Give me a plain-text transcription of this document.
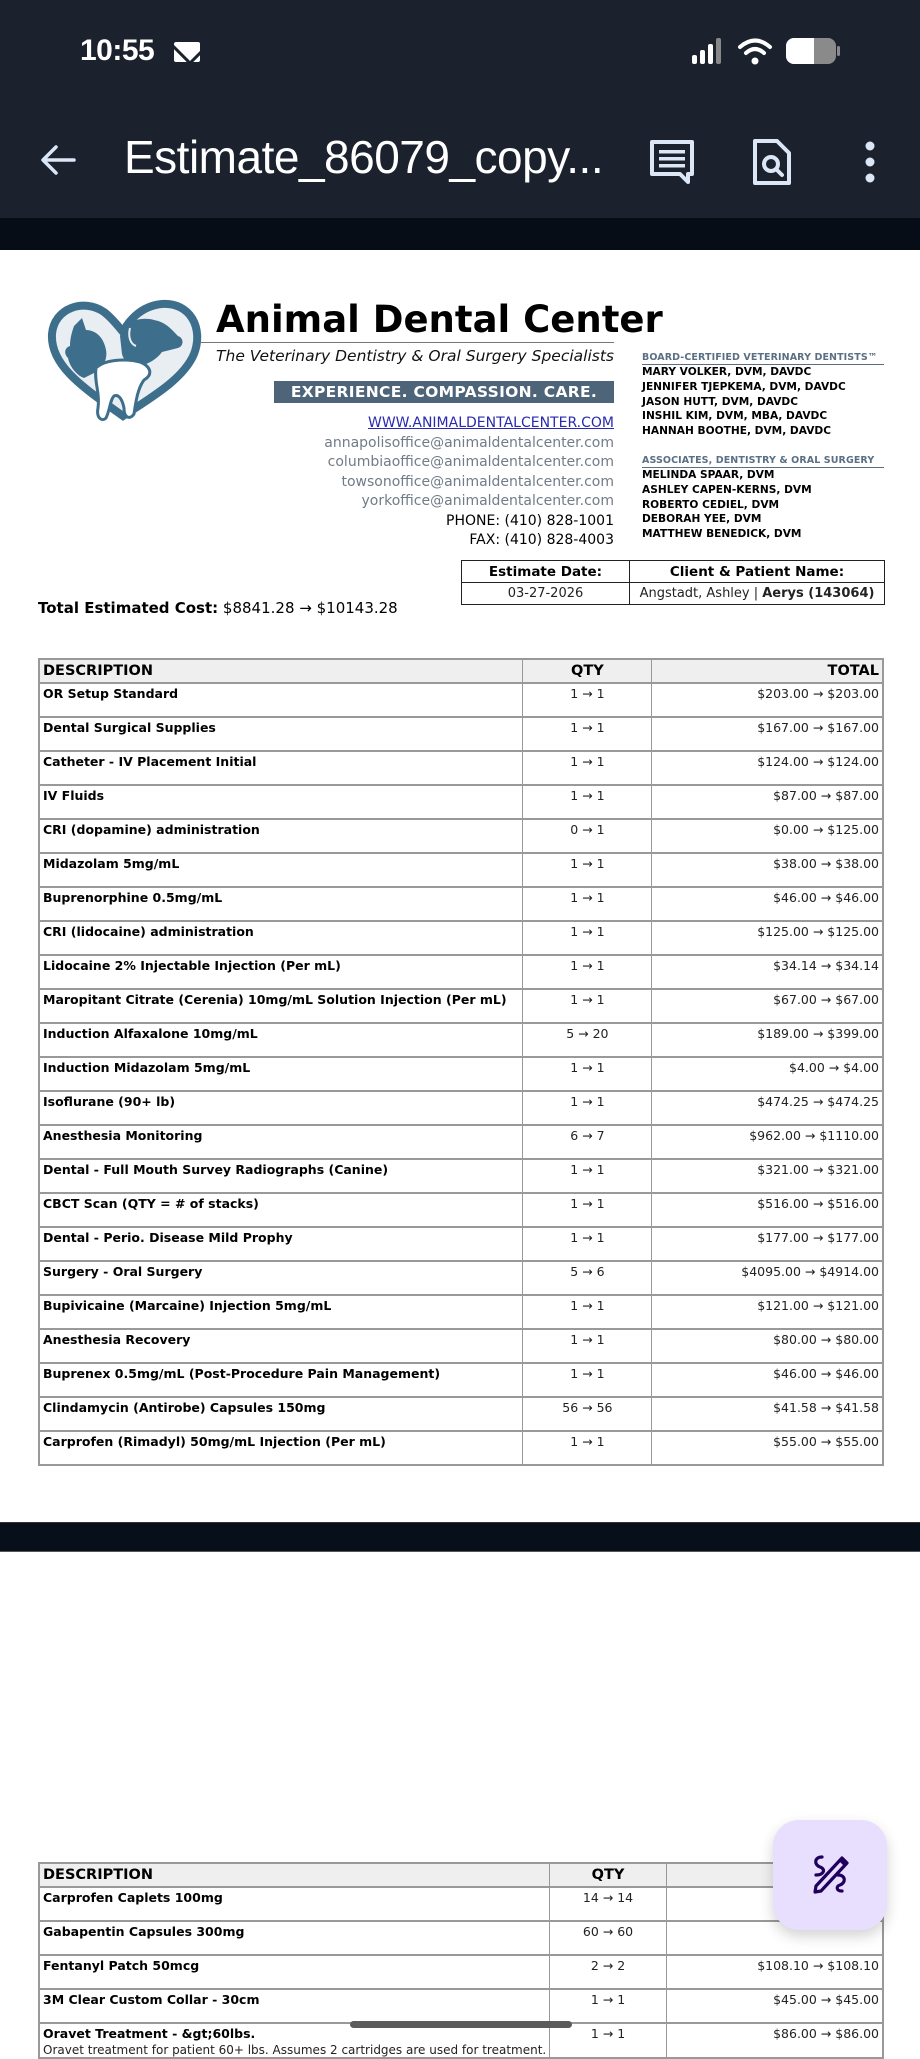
10:55
Estimate_86079_copy...
Animal Dental Center
The Veterinary Dentistry & Oral Surgery Specialists
EXPERIENCE. COMPASSION. CARE.
WWW.ANIMALDENTALCENTER.COM
annapolisoffice@animaldentalcenter.com
columbiaoffice@animaldentalcenter.com
towsonoffice@animaldentalcenter.com
yorkoffice@animaldentalcenter.com
PHONE: (410) 828-1001
FAX: (410) 828-4003
BOARD-CERTIFIED VETERINARY DENTISTS™
MARY VOLKER, DVM, DAVDC
JENNIFER TJEPKEMA, DVM, DAVDC
JASON HUTT, DVM, DAVDC
INSHIL KIM, DVM, MBA, DAVDC
HANNAH BOOTHE, DVM, DAVDC
ASSOCIATES, DENTISTRY & ORAL SURGERY
MELINDA SPAAR, DVM
ASHLEY CAPEN-KERNS, DVM
ROBERTO CEDIEL, DVM
DEBORAH YEE, DVM
MATTHEW BENEDICK, DVM
Estimate Date:	Client & Patient Name:
03-27-2026	Angstadt, Ashley | Aerys (143064)
Total Estimated Cost: $8841.28 → $10143.28
DESCRIPTION	QTY	TOTAL
OR Setup Standard	1 → 1	$203.00 → $203.00
Dental Surgical Supplies	1 → 1	$167.00 → $167.00
Catheter - IV Placement Initial	1 → 1	$124.00 → $124.00
IV Fluids	1 → 1	$87.00 → $87.00
CRI (dopamine) administration	0 → 1	$0.00 → $125.00
Midazolam 5mg/mL	1 → 1	$38.00 → $38.00
Buprenorphine 0.5mg/mL	1 → 1	$46.00 → $46.00
CRI (lidocaine) administration	1 → 1	$125.00 → $125.00
Lidocaine 2% Injectable Injection (Per mL)	1 → 1	$34.14 → $34.14
Maropitant Citrate (Cerenia) 10mg/mL Solution Injection (Per mL)	1 → 1	$67.00 → $67.00
Induction Alfaxalone 10mg/mL	5 → 20	$189.00 → $399.00
Induction Midazolam 5mg/mL	1 → 1	$4.00 → $4.00
Isoflurane (90+ lb)	1 → 1	$474.25 → $474.25
Anesthesia Monitoring	6 → 7	$962.00 → $1110.00
Dental - Full Mouth Survey Radiographs (Canine)	1 → 1	$321.00 → $321.00
CBCT Scan (QTY = # of stacks)	1 → 1	$516.00 → $516.00
Dental - Perio. Disease Mild Prophy	1 → 1	$177.00 → $177.00
Surgery - Oral Surgery	5 → 6	$4095.00 → $4914.00
Bupivicaine (Marcaine) Injection 5mg/mL	1 → 1	$121.00 → $121.00
Anesthesia Recovery	1 → 1	$80.00 → $80.00
Buprenex 0.5mg/mL (Post-Procedure Pain Management)	1 → 1	$46.00 → $46.00
Clindamycin (Antirobe) Capsules 150mg	56 → 56	$41.58 → $41.58
Carprofen (Rimadyl) 50mg/mL Injection (Per mL)	1 → 1	$55.00 → $55.00
DESCRIPTION	QTY	
Carprofen Caplets 100mg	14 → 14	
Gabapentin Capsules 300mg	60 → 60	
Fentanyl Patch 50mcg	2 → 2	$108.10 → $108.10
3M Clear Custom Collar - 30cm	1 → 1	$45.00 → $45.00
Oravet Treatment - &gt;60lbs.
Oravet treatment for patient 60+ lbs. Assumes 2 cartridges are used for treatment.	1 → 1	$86.00 → $86.00
